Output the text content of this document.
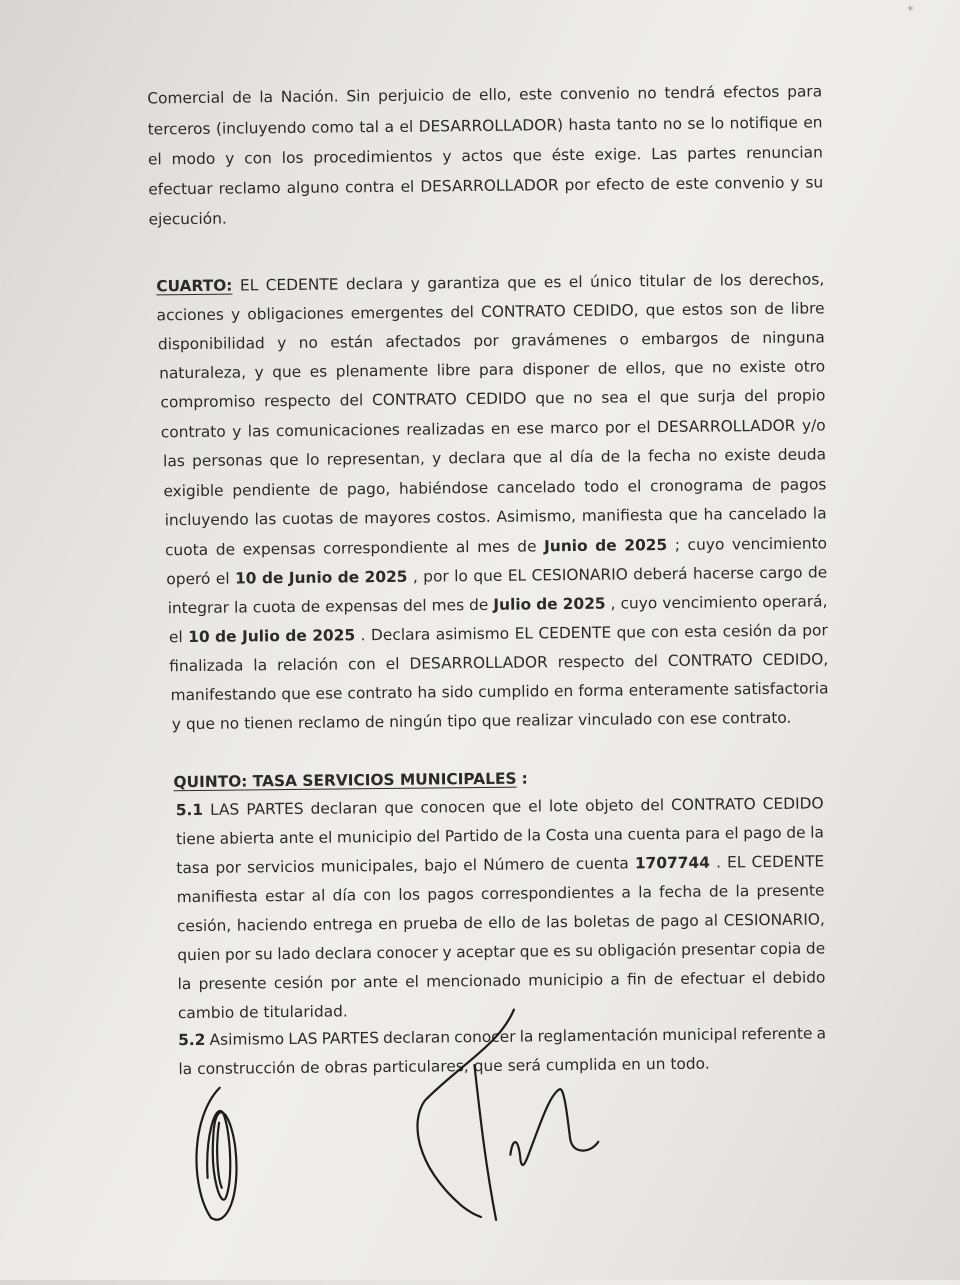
*
Comercial de la Nación. Sin perjuicio de ello, este convenio no tendrá efectos para
terceros (incluyendo como tal a el DESARROLLADOR) hasta tanto no se lo notifique en
el modo y con los procedimientos y actos que éste exige. Las partes renuncian
efectuar reclamo alguno contra el DESARROLLADOR por efecto de este convenio y su
ejecución.
CUARTO: EL CEDENTE declara y garantiza que es el único titular de los derechos,
acciones y obligaciones emergentes del CONTRATO CEDIDO, que estos son de libre
disponibilidad y no están afectados por gravámenes o embargos de ninguna
naturaleza, y que es plenamente libre para disponer de ellos, que no existe otro
compromiso respecto del CONTRATO CEDIDO que no sea el que surja del propio
contrato y las comunicaciones realizadas en ese marco por el DESARROLLADOR y/o
las personas que lo representan, y declara que al día de la fecha no existe deuda
exigible pendiente de pago, habiéndose cancelado todo el cronograma de pagos
incluyendo las cuotas de mayores costos. Asimismo, manifiesta que ha cancelado la
cuota de expensas correspondiente al mes de Junio de 2025 ; cuyo vencimiento
operó el 10 de Junio de 2025 , por lo que EL CESIONARIO deberá hacerse cargo de
integrar la cuota de expensas del mes de Julio de 2025 , cuyo vencimiento operará,
el 10 de Julio de 2025 . Declara asimismo EL CEDENTE que con esta cesión da por
finalizada la relación con el DESARROLLADOR respecto del CONTRATO CEDIDO,
manifestando que ese contrato ha sido cumplido en forma enteramente satisfactoria
y que no tienen reclamo de ningún tipo que realizar vinculado con ese contrato.
QUINTO: TASA SERVICIOS MUNICIPALES :
5.1 LAS PARTES declaran que conocen que el lote objeto del CONTRATO CEDIDO
tiene abierta ante el municipio del Partido de la Costa una cuenta para el pago de la
tasa por servicios municipales, bajo el Número de cuenta 1707744 . EL CEDENTE
manifiesta estar al día con los pagos correspondientes a la fecha de la presente
cesión, haciendo entrega en prueba de ello de las boletas de pago al CESIONARIO,
quien por su lado declara conocer y aceptar que es su obligación presentar copia de
la presente cesión por ante el mencionado municipio a fin de efectuar el debido
cambio de titularidad.
5.2 Asimismo LAS PARTES declaran conocer la reglamentación municipal referente a
la construcción de obras particulares, que será cumplida en un todo.
